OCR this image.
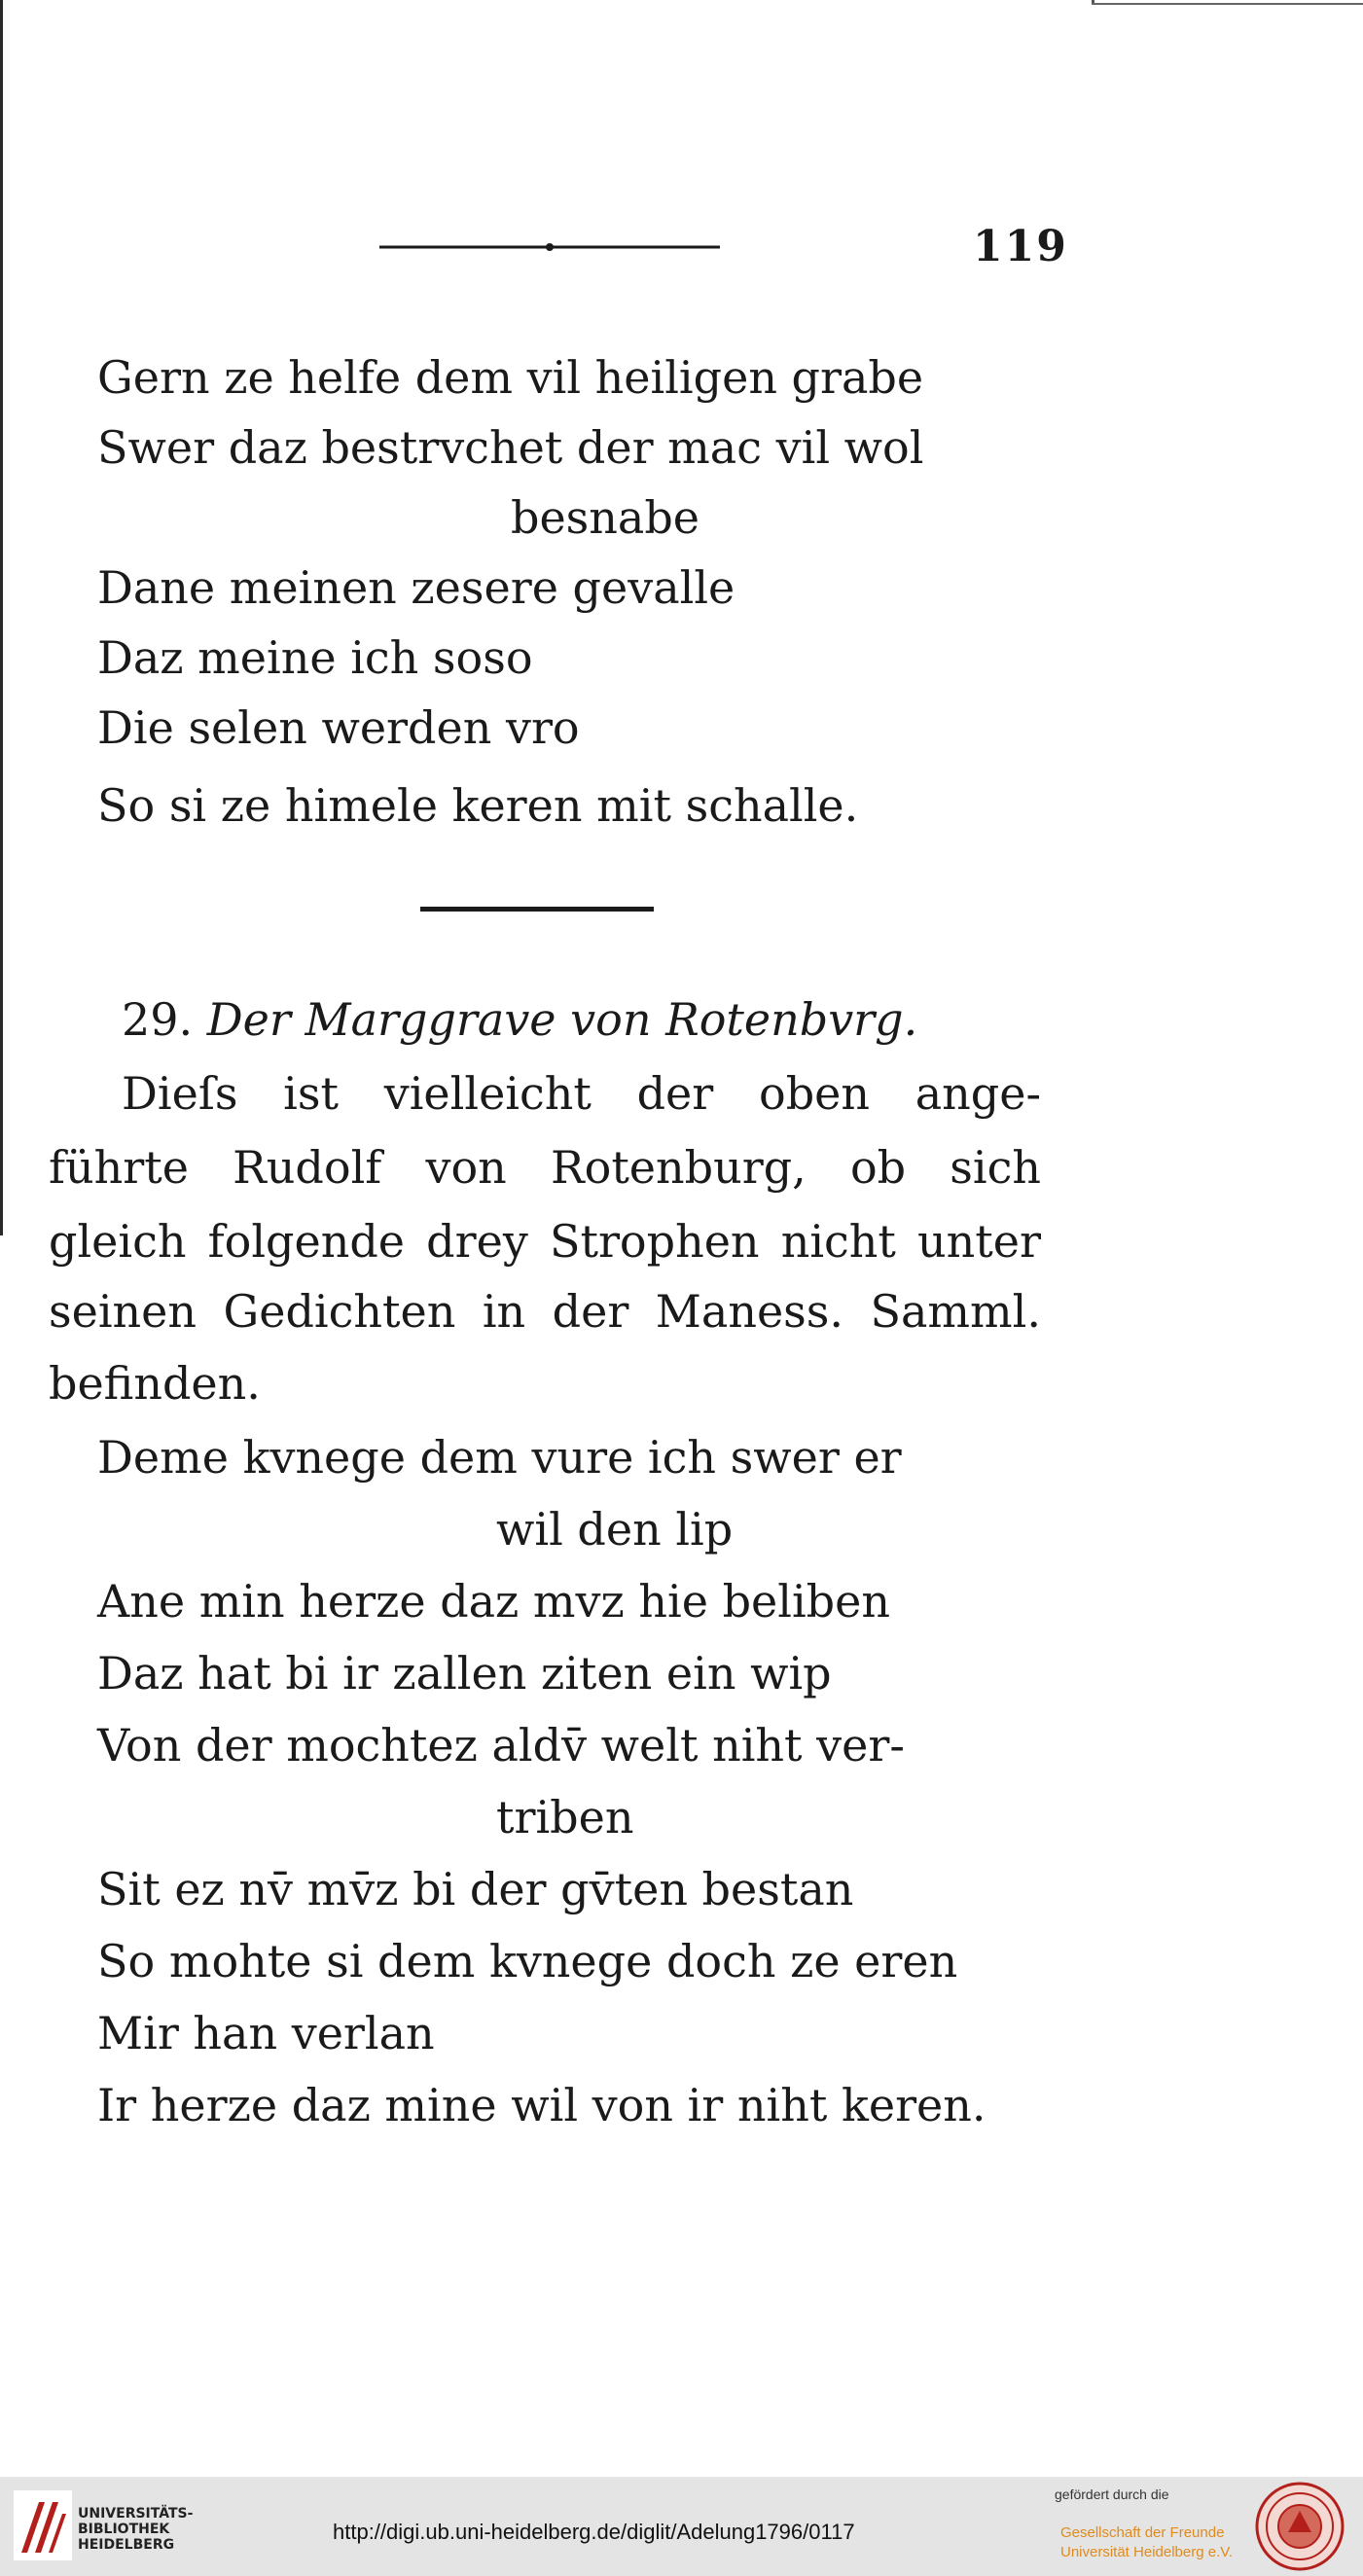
119
Gern ze helfe dem vil heiligen grabe
Swer daz bestrvchet der mac vil wol
besnabe
Dane meinen zesere gevalle
Daz meine ich soso
Die selen werden vro
So si ze himele keren mit schalle.
29. Der Marggrave von Rotenbvrg.
Dieſs ist vielleicht der oben ange-
führte Rudolf von Rotenburg, ob sich
gleich folgende drey Strophen nicht unter
seinen Gedichten in der Maness. Samml.
befinden.
Deme kvnege dem vure ich swer er
wil den lip
Ane min herze daz mvz hie beliben
Daz hat bi ir zallen ziten ein wip
Von der mochtez aldv̄ welt niht ver-
triben
Sit ez nv̄ mv̄z bi der gv̄ten bestan
So mohte si dem kvnege doch ze eren
Mir han verlan
Ir herze daz mine wil von ir niht keren.
UNIVERSITÄTS-
BIBLIOTHEK
HEIDELBERG
http://digi.ub.uni-heidelberg.de/diglit/Adelung1796/0117
gefördert durch die
Gesellschaft der Freunde
Universität Heidelberg e.V.
